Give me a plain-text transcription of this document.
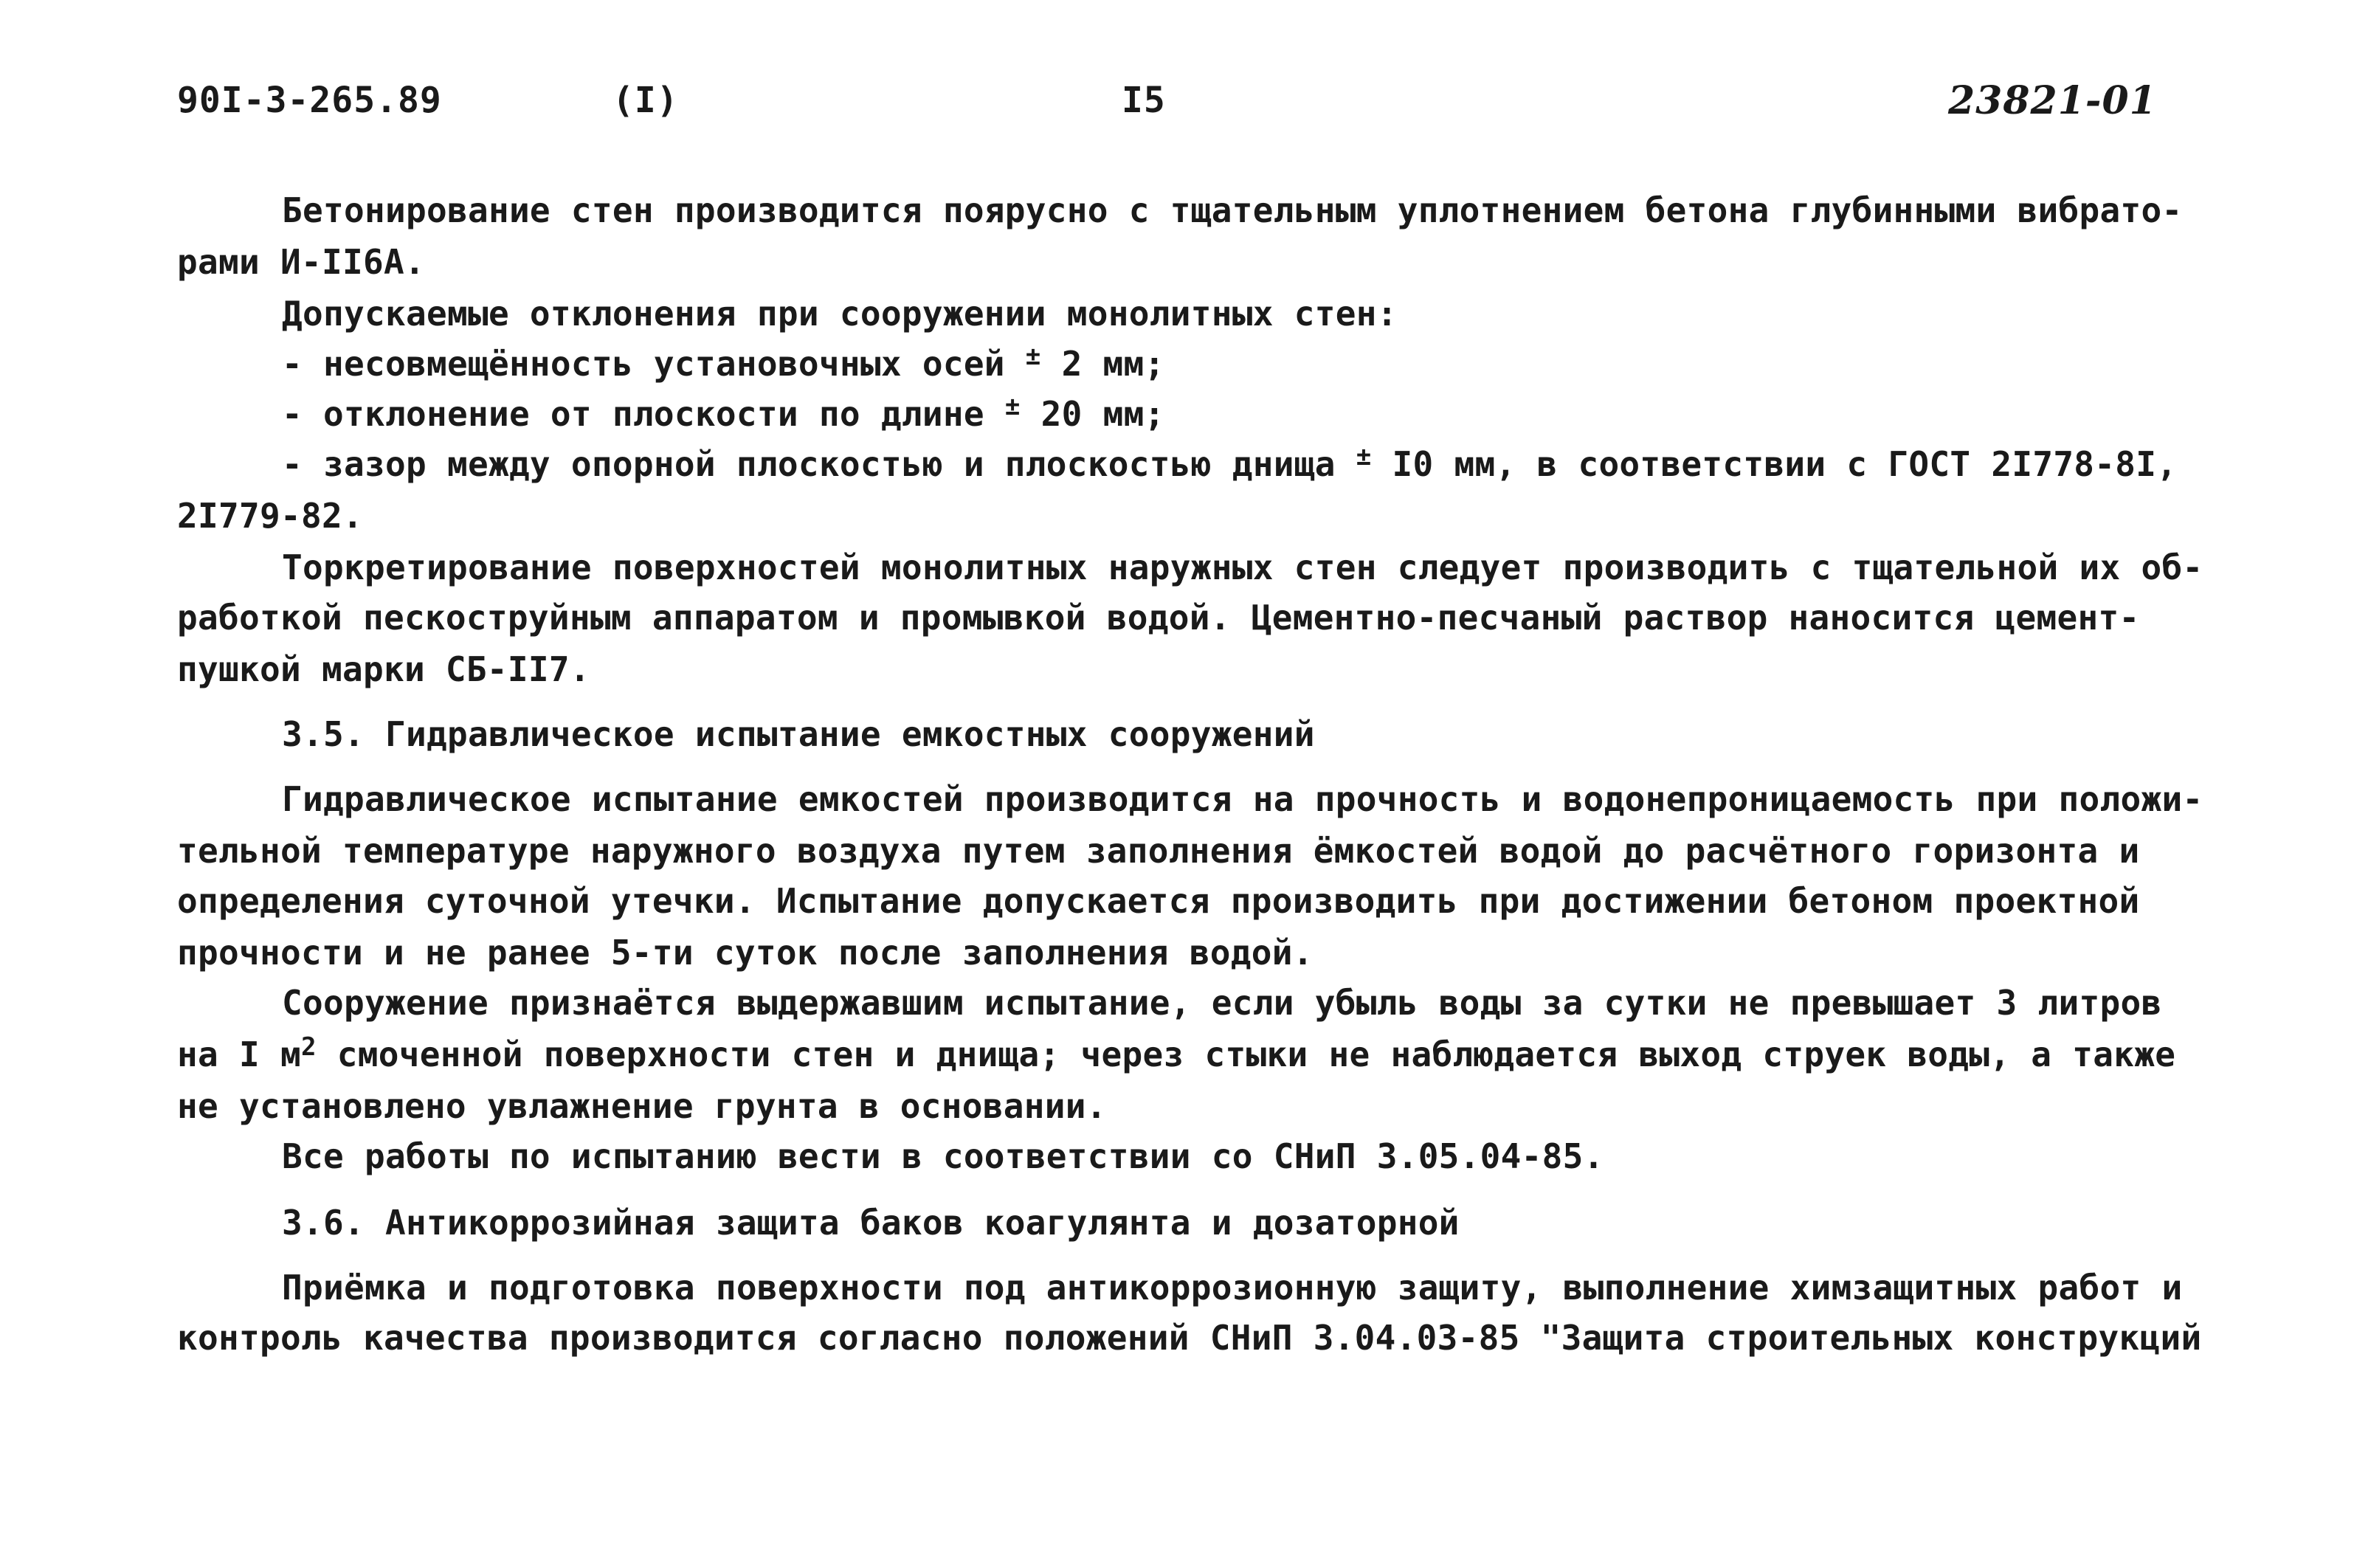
90I-3-265.89	(I)	I5	23821-01
Бетонирование стен производится поярусно с тщательным уплотнением бетона глубинными вибрато-
рами И-II6А.
Допускаемые отклонения при сооружении монолитных стен:
- несовмещённость установочных осей ± 2 мм;
- отклонение от плоскости по длине ± 20 мм;
- зазор между опорной плоскостью и плоскостью днища ± I0 мм, в соответствии с ГОСТ 2I778-8I,
2I779-82.
Торкретирование поверхностей монолитных наружных стен следует производить с тщательной их об-
работкой пескоструйным аппаратом и промывкой водой. Цементно-песчаный раствор наносится цемент-
пушкой марки СБ-II7.
3.5. Гидравлическое испытание емкостных сооружений
Гидравлическое испытание емкостей производится на прочность и водонепроницаемость при положи-
тельной температуре наружного воздуха путем заполнения ёмкостей водой до расчётного горизонта и
определения суточной утечки. Испытание допускается производить при достижении бетоном проектной
прочности и не ранее 5-ти суток после заполнения водой.
Сооружение признаётся выдержавшим испытание, если убыль воды за сутки не превышает 3 литров
на I $м^2$ смоченной поверхности стен и днища; через стыки не наблюдается выход струек воды, а также
не установлено увлажнение грунта в основании.
Все работы по испытанию вести в соответствии со СНиП 3.05.04-85.
3.6. Антикоррозийная защита баков коагулянта и дозаторной
Приёмка и подготовка поверхности под антикоррозионную защиту, выполнение химзащитных работ и
контроль качества производится согласно положений СНиП 3.04.03-85 "Защита строительных конструкций
